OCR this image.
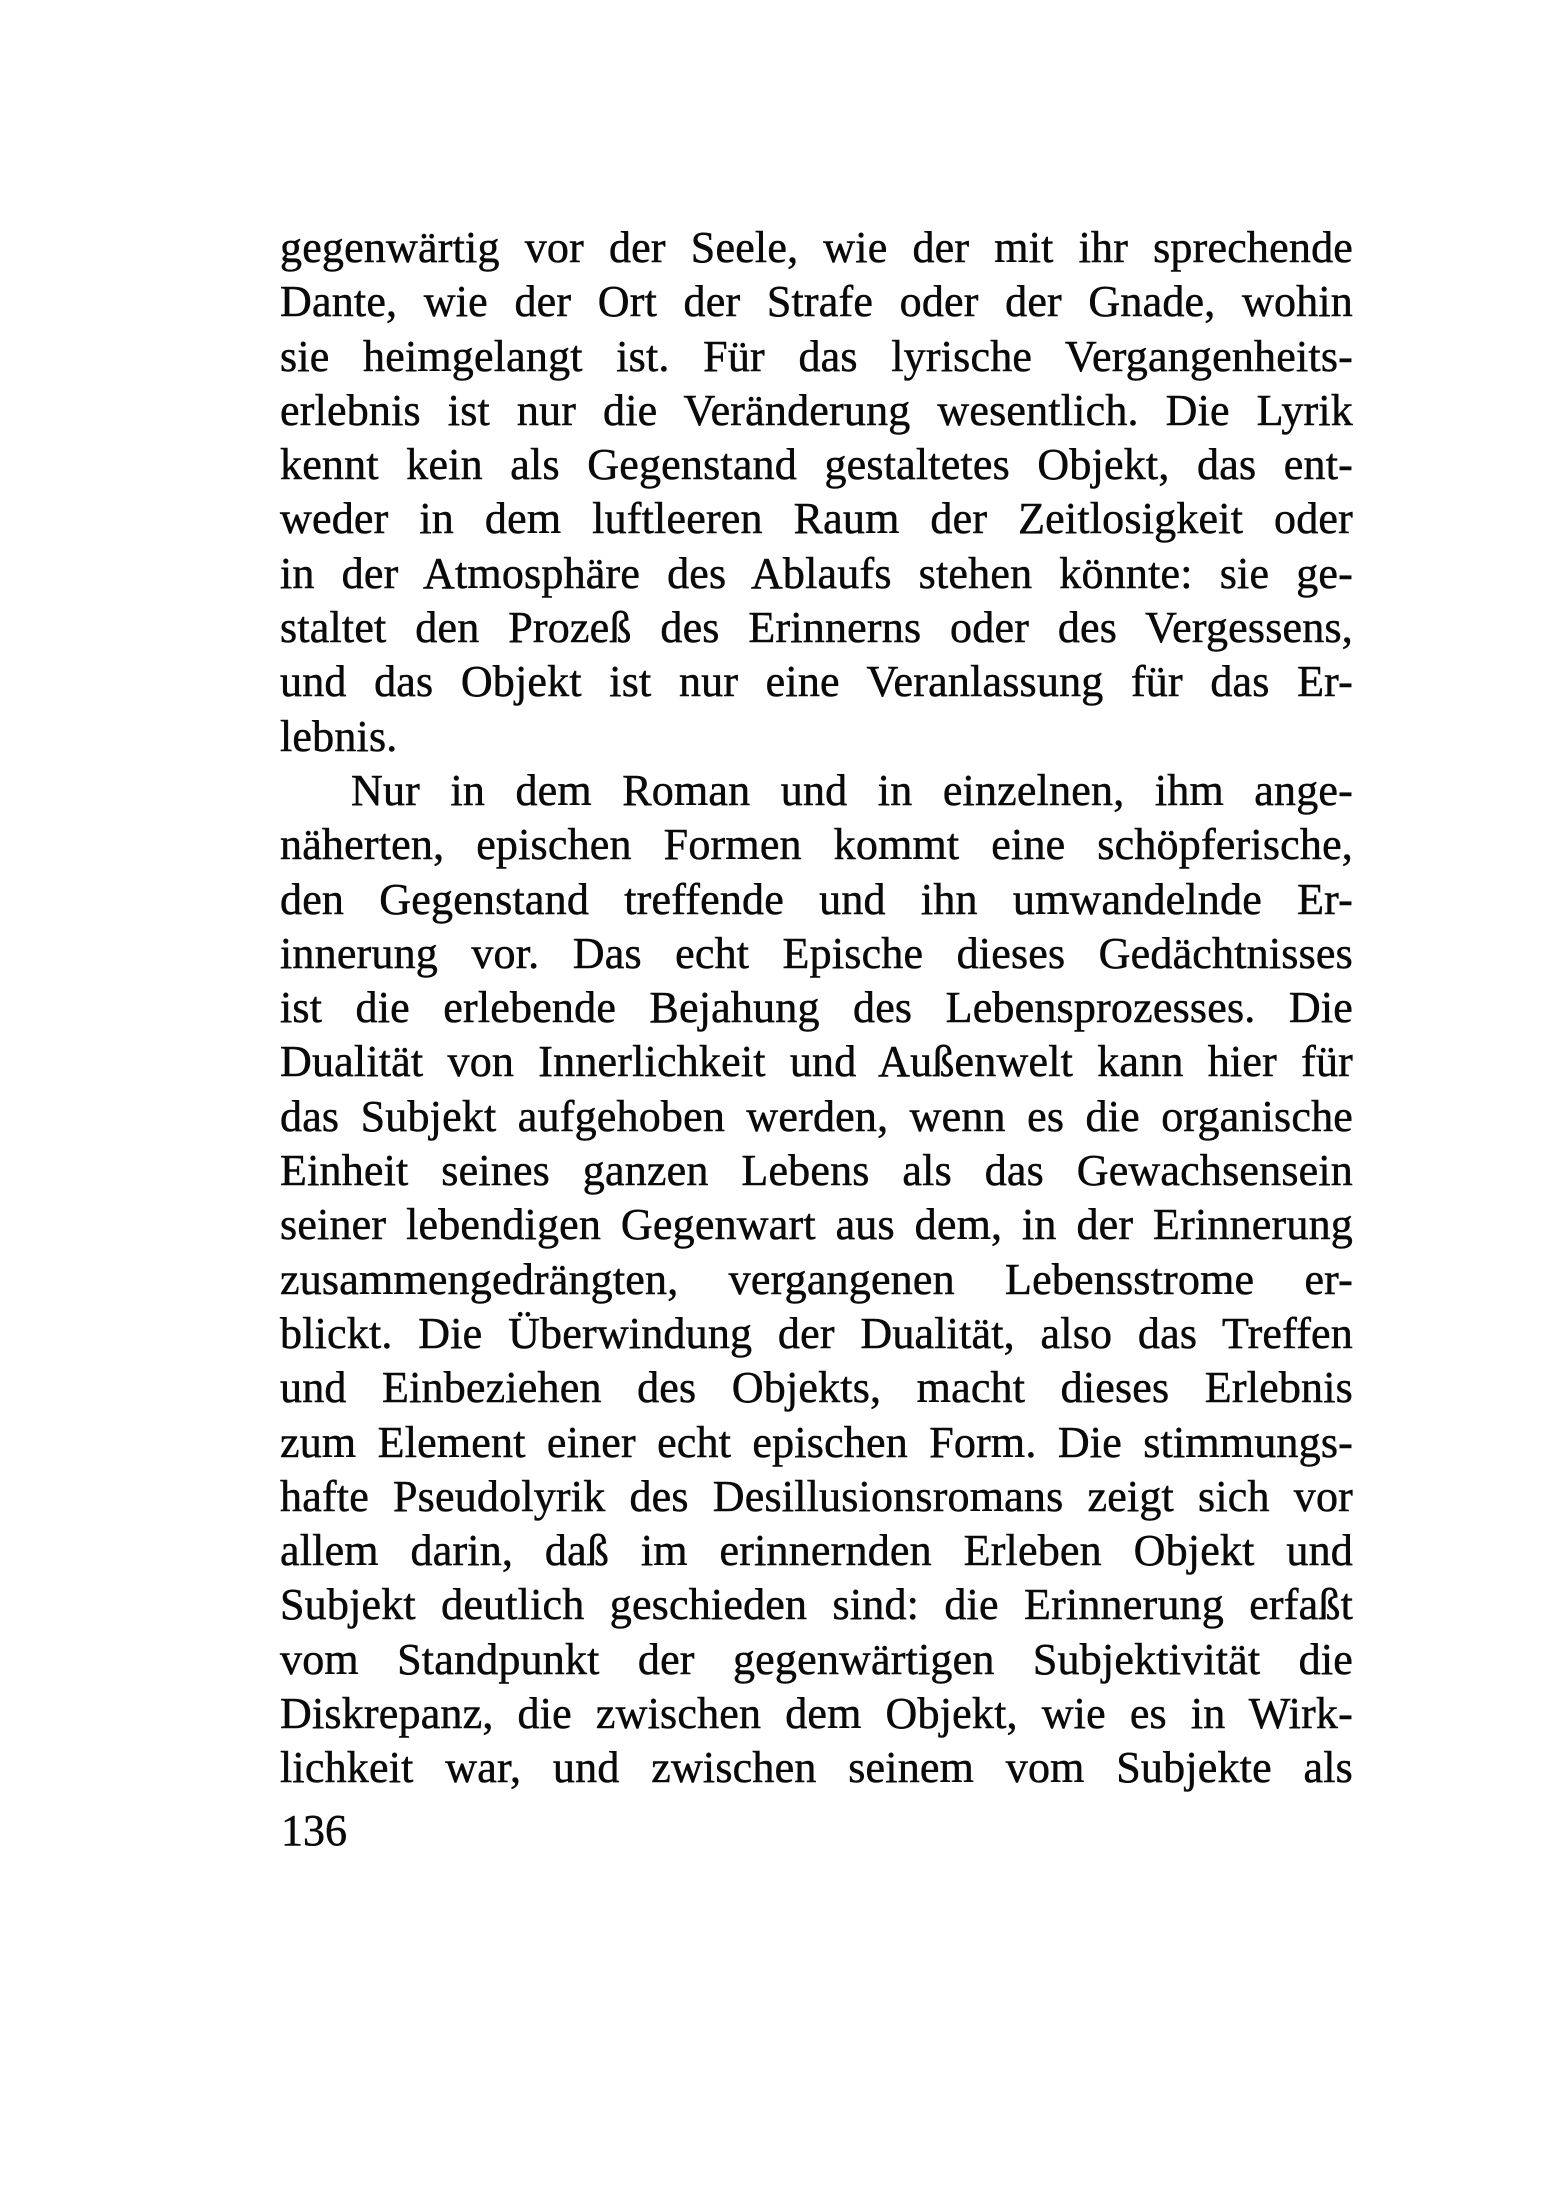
gegenwärtig vor der Seele, wie der mit ihr sprechende
Dante, wie der Ort der Strafe oder der Gnade, wohin
sie heimgelangt ist. Für das lyrische Vergangenheits-
erlebnis ist nur die Veränderung wesentlich. Die Lyrik
kennt kein als Gegenstand gestaltetes Objekt, das ent-
weder in dem luftleeren Raum der Zeitlosigkeit oder
in der Atmosphäre des Ablaufs stehen könnte: sie ge-
staltet den Prozeß des Erinnerns oder des Vergessens,
und das Objekt ist nur eine Veranlassung für das Er-
lebnis.
Nur in dem Roman und in einzelnen, ihm ange-
näherten, epischen Formen kommt eine schöpferische,
den Gegenstand treffende und ihn umwandelnde Er-
innerung vor. Das echt Epische dieses Gedächtnisses
ist die erlebende Bejahung des Lebensprozesses. Die
Dualität von Innerlichkeit und Außenwelt kann hier für
das Subjekt aufgehoben werden, wenn es die organische
Einheit seines ganzen Lebens als das Gewachsensein
seiner lebendigen Gegenwart aus dem, in der Erinnerung
zusammengedrängten, vergangenen Lebensstrome er-
blickt. Die Überwindung der Dualität, also das Treffen
und Einbeziehen des Objekts, macht dieses Erlebnis
zum Element einer echt epischen Form. Die stimmungs-
hafte Pseudolyrik des Desillusionsromans zeigt sich vor
allem darin, daß im erinnernden Erleben Objekt und
Subjekt deutlich geschieden sind: die Erinnerung erfaßt
vom Standpunkt der gegenwärtigen Subjektivität die
Diskrepanz, die zwischen dem Objekt, wie es in Wirk-
lichkeit war, und zwischen seinem vom Subjekte als
136
